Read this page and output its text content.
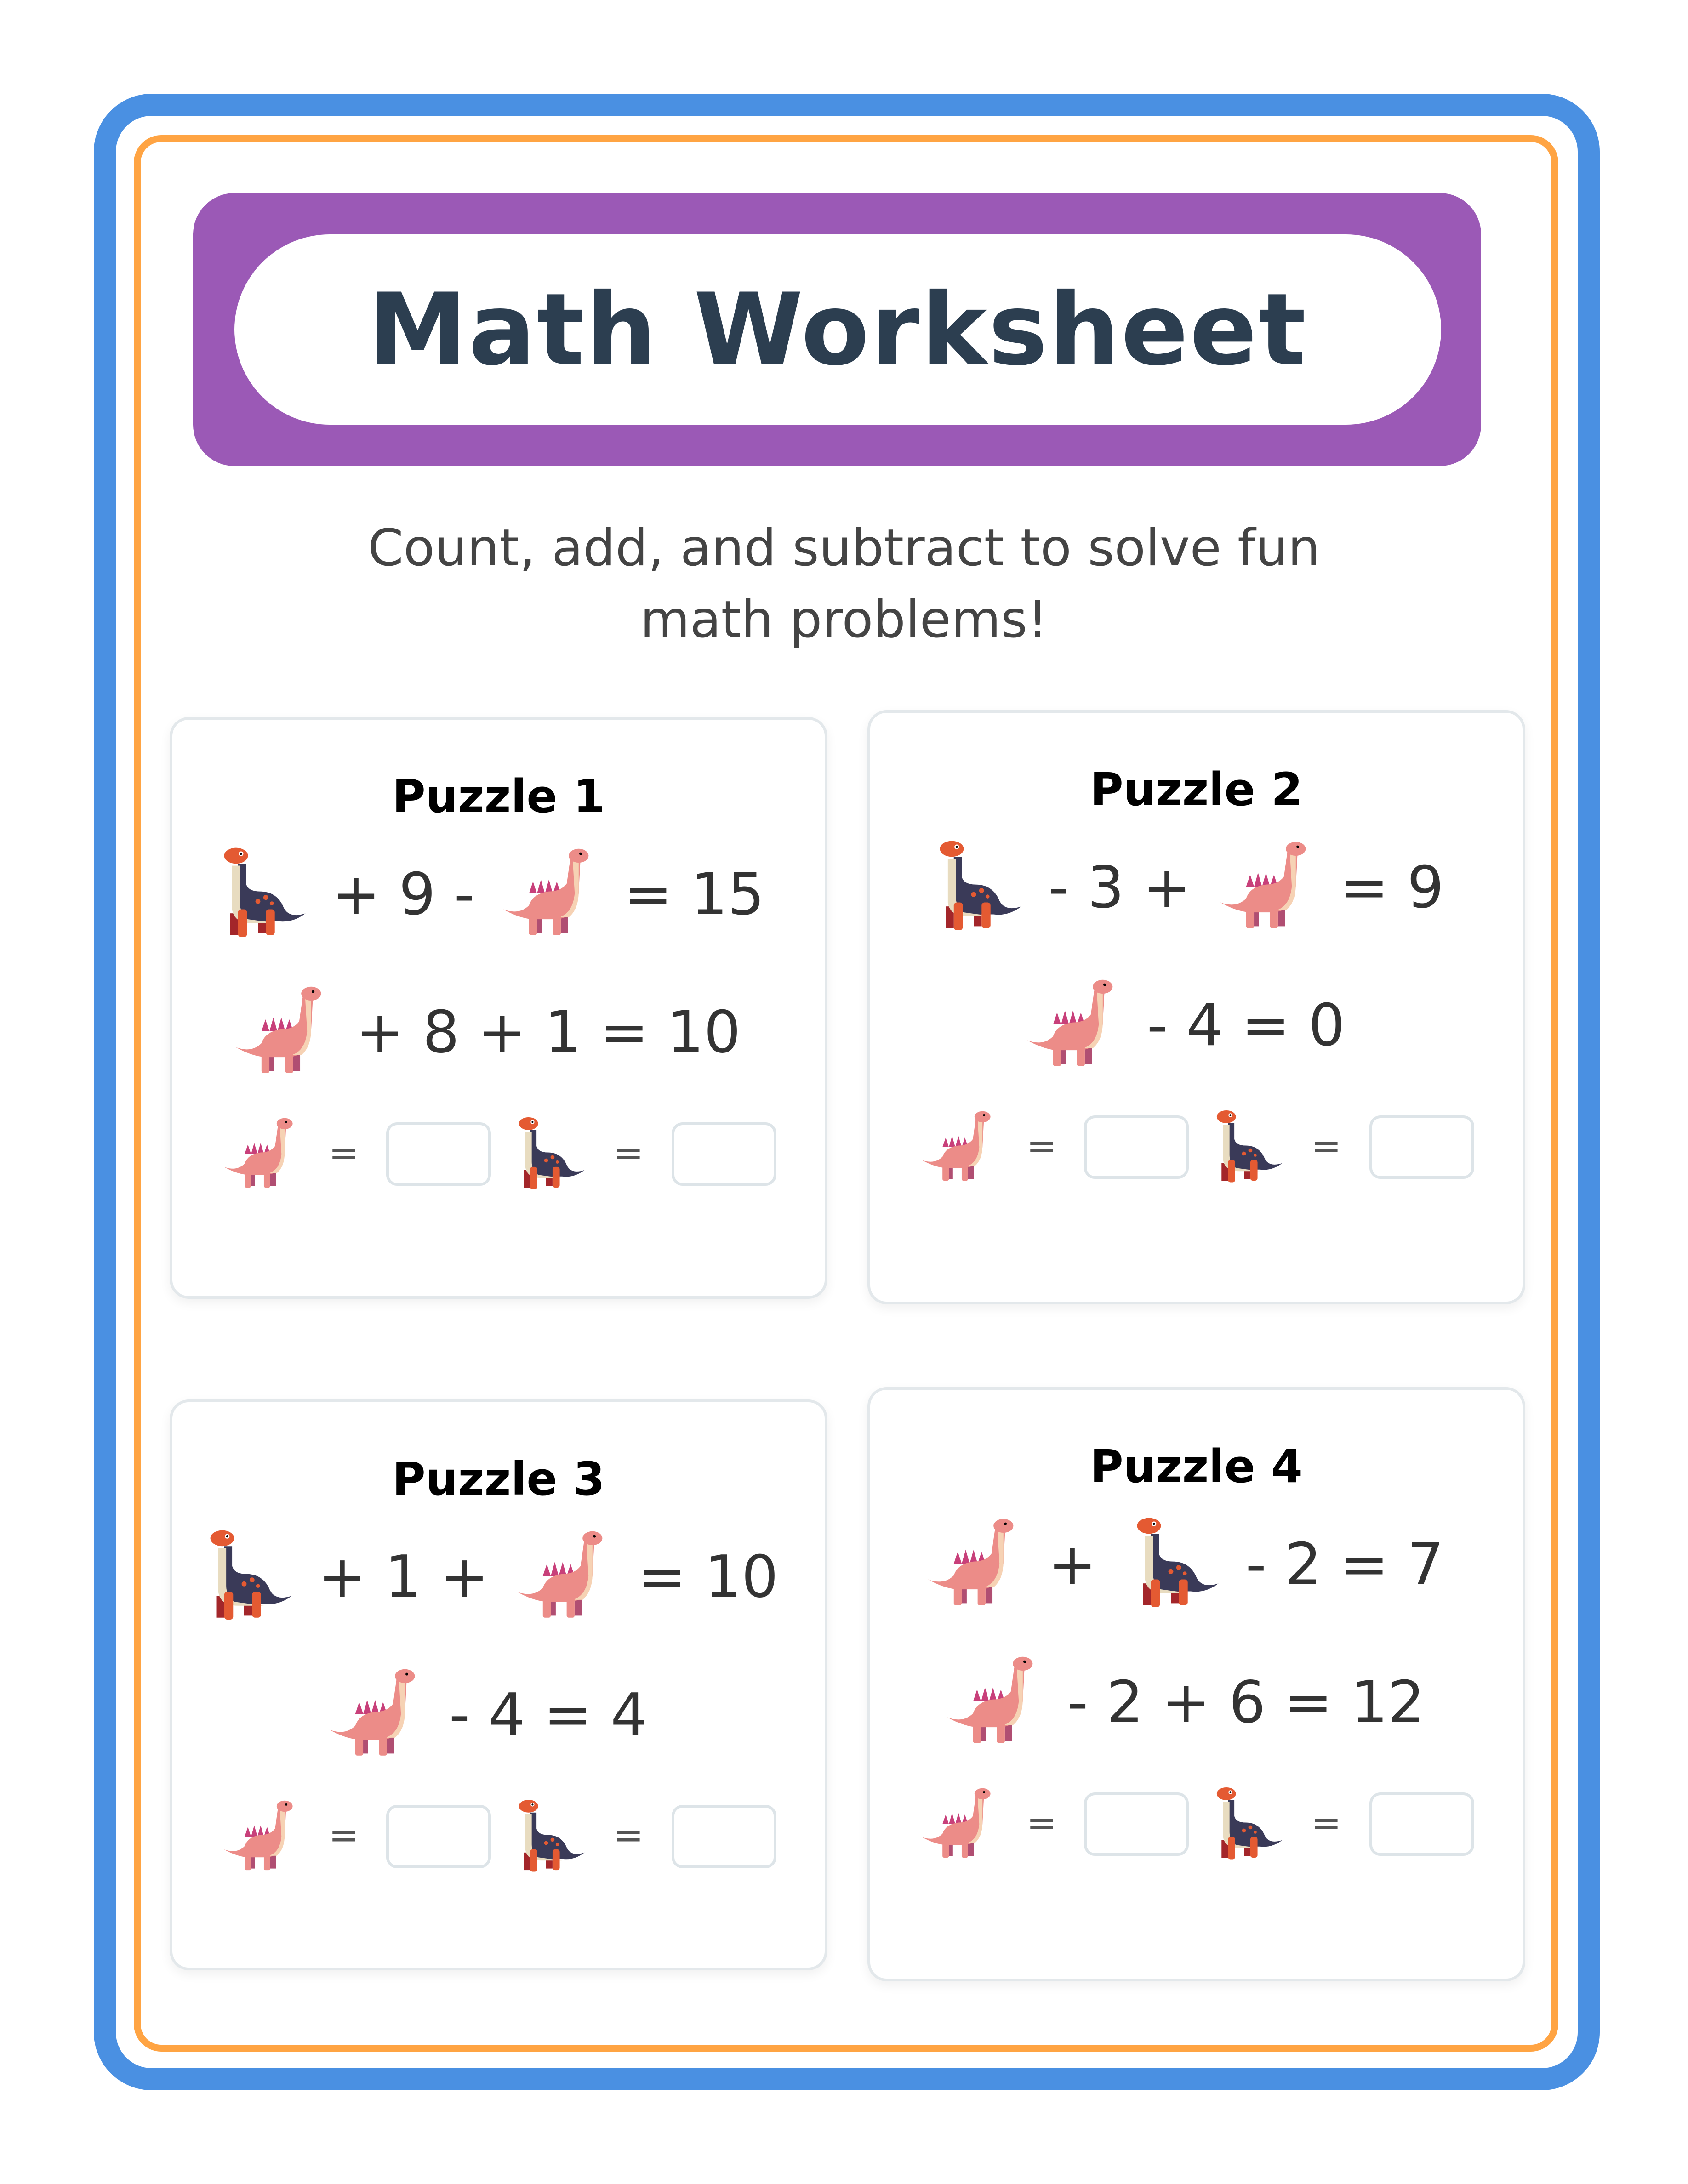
Math Worksheet
Count, add, and subtract to solve fun math problems!
Puzzle 1
+ 9 -	= 15
+ 8 + 1 = 10
=	=
Puzzle 2
- 3 +	= 9
- 4 = 0
=	=
Puzzle 3
+ 1 +	= 10
- 4 = 4
=	=
Puzzle 4
+	- 2 = 7
- 2 + 6 = 12
=	=
